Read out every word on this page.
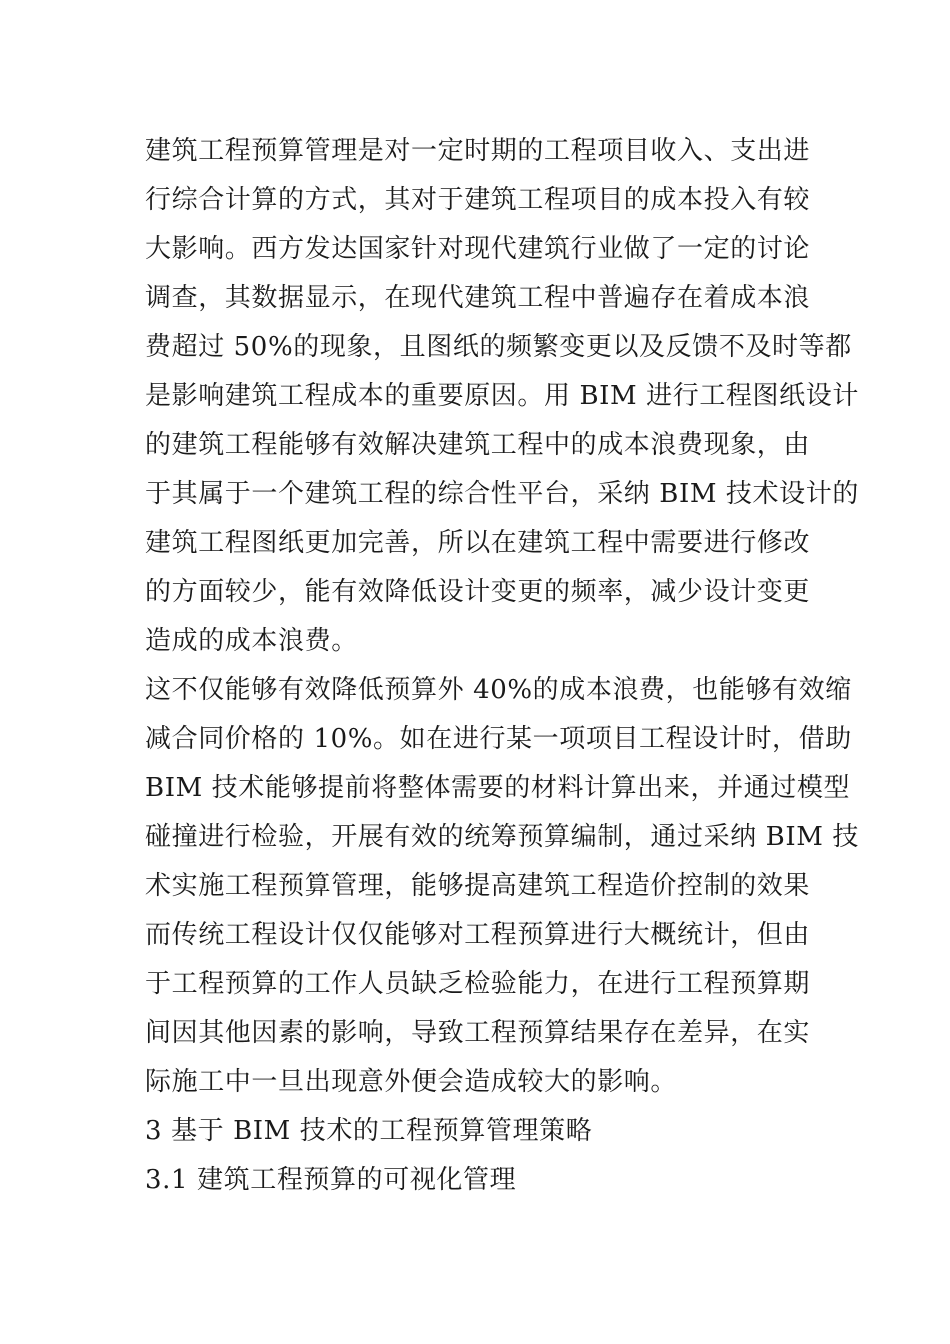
建筑工程预算管理是对一定时期的工程项目收入、支出进

行综合计算的方式，其对于建筑工程项目的成本投入有较

大影响。西方发达国家针对现代建筑行业做了一定的讨论

调查，其数据显示，在现代建筑工程中普遍存在着成本浪

费超过 50%的现象，且图纸的频繁变更以及反馈不及时等都

是影响建筑工程成本的重要原因。用 BIM 进行工程图纸设计

的建筑工程能够有效解决建筑工程中的成本浪费现象，由

于其属于一个建筑工程的综合性平台，采纳 BIM 技术设计的

建筑工程图纸更加完善，所以在建筑工程中需要进行修改

的方面较少，能有效降低设计变更的频率，减少设计变更

造成的成本浪费。

这不仅能够有效降低预算外 40%的成本浪费，也能够有效缩

减合同价格的 10%。如在进行某一项项目工程设计时，借助

BIM 技术能够提前将整体需要的材料计算出来，并通过模型

碰撞进行检验，开展有效的统筹预算编制，通过采纳 BIM 技

术实施工程预算管理，能够提高建筑工程造价控制的效果

而传统工程设计仅仅能够对工程预算进行大概统计，但由

于工程预算的工作人员缺乏检验能力，在进行工程预算期

间因其他因素的影响，导致工程预算结果存在差异，在实

际施工中一旦出现意外便会造成较大的影响。

3 基于 BIM 技术的工程预算管理策略

3.1 建筑工程预算的可视化管理
